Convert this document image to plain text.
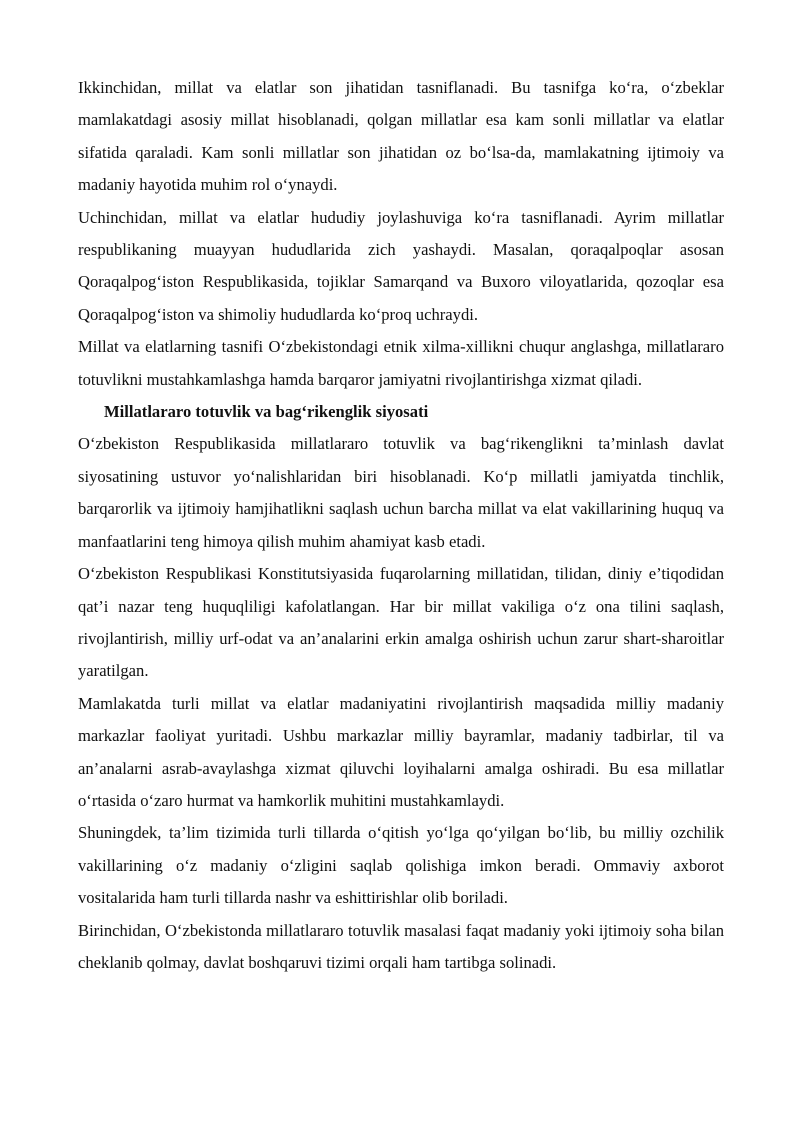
Ikkinchidan, millat va elatlar son jihatidan tasniflanadi. Bu tasnifga ko‘ra, o‘zbeklar mamlakatdagi asosiy millat hisoblanadi, qolgan millatlar esa kam sonli millatlar va elatlar sifatida qaraladi. Kam sonli millatlar son jihatidan oz bo‘lsa-da, mamlakatning ijtimoiy va madaniy hayotida muhim rol o‘ynaydi.

Uchinchidan, millat va elatlar hududiy joylashuviga ko‘ra tasniflanadi. Ayrim millatlar respublikaning muayyan hududlarida zich yashaydi. Masalan, qoraqalpoqlar asosan Qoraqalpog‘iston Respublikasida, tojiklar Samarqand va Buxoro viloyatlarida, qozoqlar esa Qoraqalpog‘iston va shimoliy hududlarda ko‘proq uchraydi.

Millat va elatlarning tasnifi O‘zbekistondagi etnik xilma-xillikni chuqur anglashga, millatlararo totuvlikni mustahkamlashga hamda barqaror jamiyatni rivojlantirishga xizmat qiladi.

Millatlararo totuvlik va bag‘rikenglik siyosati

O‘zbekiston Respublikasida millatlararo totuvlik va bag‘rikenglikni ta’minlash davlat siyosatining ustuvor yo‘nalishlaridan biri hisoblanadi. Ko‘p millatli jamiyatda tinchlik, barqarorlik va ijtimoiy hamjihatlikni saqlash uchun barcha millat va elat vakillarining huquq va manfaatlarini teng himoya qilish muhim ahamiyat kasb etadi.

O‘zbekiston Respublikasi Konstitutsiyasida fuqarolarning millatidan, tilidan, diniy e’tiqodidan qat’i nazar teng huquqliligi kafolatlangan. Har bir millat vakiliga o‘z ona tilini saqlash, rivojlantirish, milliy urf-odat va an’analarini erkin amalga oshirish uchun zarur shart-sharoitlar yaratilgan.

Mamlakatda turli millat va elatlar madaniyatini rivojlantirish maqsadida milliy madaniy markazlar faoliyat yuritadi. Ushbu markazlar milliy bayramlar, madaniy tadbirlar, til va an’analarni asrab-avaylashga xizmat qiluvchi loyihalarni amalga oshiradi. Bu esa millatlar o‘rtasida o‘zaro hurmat va hamkorlik muhitini mustahkamlaydi.

Shuningdek, ta’lim tizimida turli tillarda o‘qitish yo‘lga qo‘yilgan bo‘lib, bu milliy ozchilik vakillarining o‘z madaniy o‘zligini saqlab qolishiga imkon beradi. Ommaviy axborot vositalarida ham turli tillarda nashr va eshittirishlar olib boriladi.

Birinchidan, O‘zbekistonda millatlararo totuvlik masalasi faqat madaniy yoki ijtimoiy soha bilan cheklanib qolmay, davlat boshqaruvi tizimi orqali ham tartibga solinadi.
